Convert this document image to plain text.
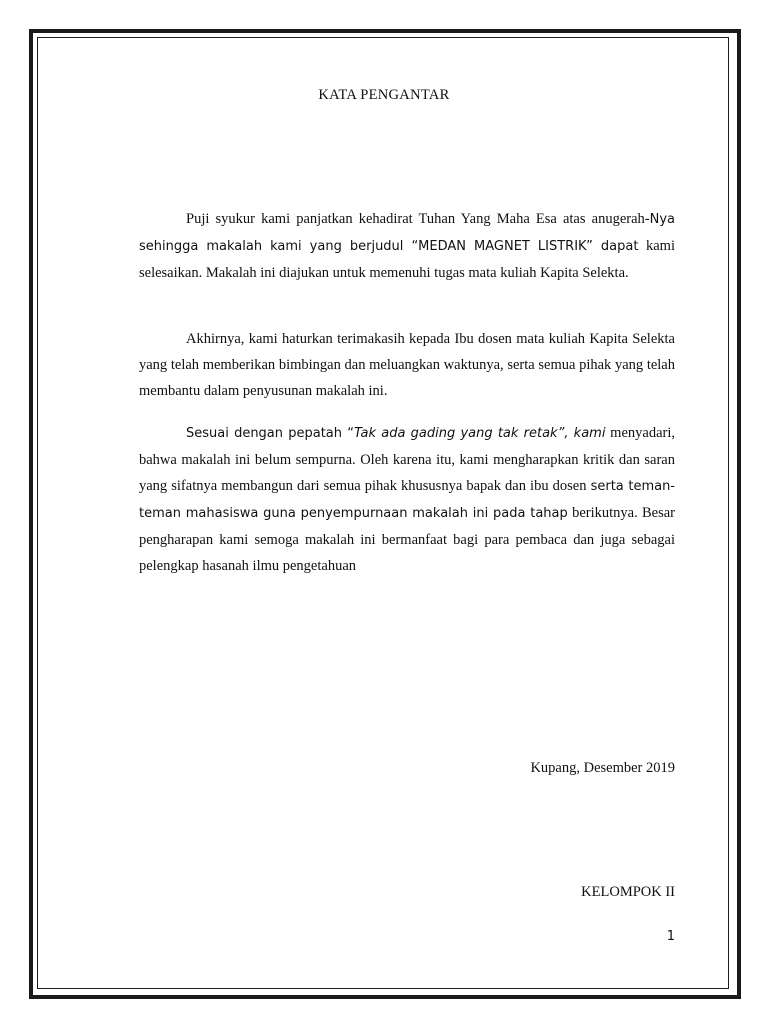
KATA PENGANTAR

Puji syukur kami panjatkan kehadirat Tuhan Yang Maha Esa atas anugerah-Nya sehingga makalah kami yang berjudul “MEDAN MAGNET LISTRIK” dapat kami selesaikan. Makalah ini diajukan untuk memenuhi tugas mata kuliah Kapita Selekta.

Akhirnya, kami haturkan terimakasih kepada Ibu dosen mata kuliah Kapita Selekta yang telah memberikan bimbingan dan meluangkan waktunya, serta semua pihak yang telah membantu dalam penyusunan makalah ini.

Sesuai dengan pepatah “Tak ada gading yang tak retak”, kami menyadari, bahwa makalah ini belum sempurna. Oleh karena itu, kami mengharapkan kritik dan saran yang sifatnya membangun dari semua pihak khususnya bapak dan ibu dosen serta teman-teman mahasiswa guna penyempurnaan makalah ini pada tahap berikutnya. Besar pengharapan kami semoga makalah ini bermanfaat bagi para pembaca dan juga sebagai pelengkap hasanah ilmu pengetahuan

Kupang, Desember 2019
KELOMPOK II
1
